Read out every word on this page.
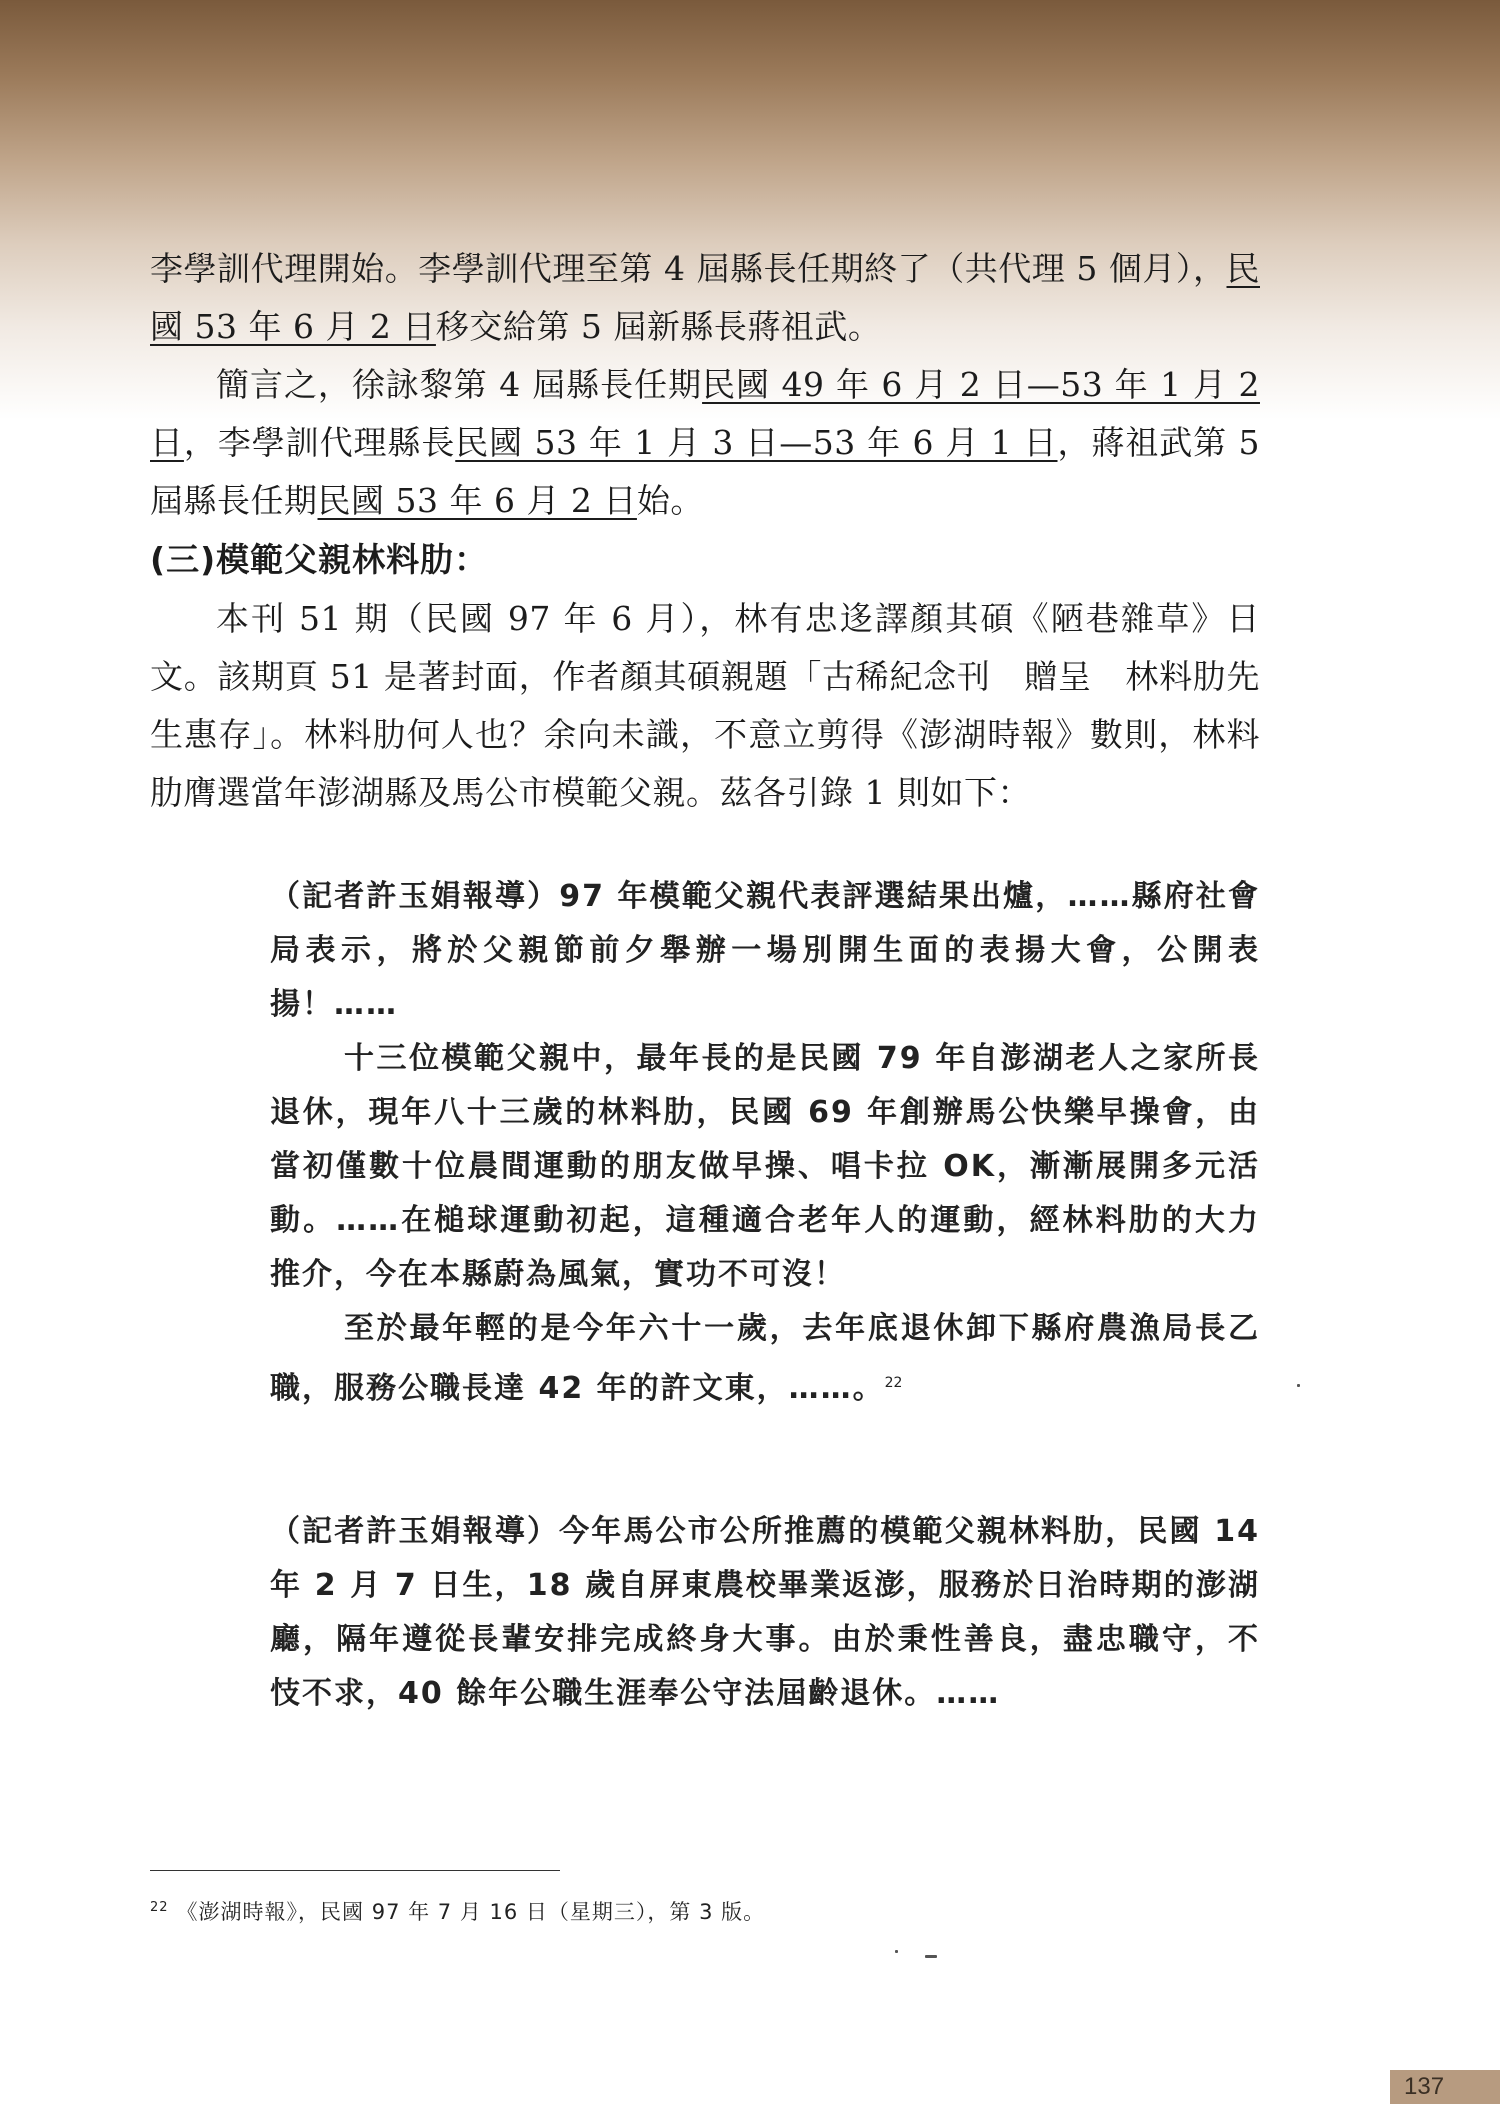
李學訓代理開始。李學訓代理至第 4 屆縣長任期終了（共代理 5 個月），民國 53 年 6 月 2 日移交給第 5 屆新縣長蔣祖武。

簡言之，徐詠黎第 4 屆縣長任期民國 49 年 6 月 2 日—53 年 1 月 2 日，李學訓代理縣長民國 53 年 1 月 3 日—53 年 6 月 1 日，蔣祖武第 5 屆縣長任期民國 53 年 6 月 2 日始。

(三)模範父親林料肋：

本刊 51 期（民國 97 年 6 月），林有忠迻譯顏其碩《陋巷雜草》日文。該期頁 51 是著封面，作者顏其碩親題「古稀紀念刊　贈呈　林料肋先生惠存」。林料肋何人也？余向未識，不意立剪得《澎湖時報》數則，林料肋膺選當年澎湖縣及馬公市模範父親。茲各引錄 1 則如下：

（記者許玉娟報導）97 年模範父親代表評選結果出爐，……縣府社會局表示，將於父親節前夕舉辦一場別開生面的表揚大會，公開表揚！……

十三位模範父親中，最年長的是民國 79 年自澎湖老人之家所長退休，現年八十三歲的林料肋，民國 69 年創辦馬公快樂早操會，由當初僅數十位晨間運動的朋友做早操、唱卡拉 OK，漸漸展開多元活動。……在槌球運動初起，這種適合老年人的運動，經林料肋的大力推介，今在本縣蔚為風氣，實功不可沒！

至於最年輕的是今年六十一歲，去年底退休卸下縣府農漁局長乙職，服務公職長達 42 年的許文東，……。$^{22}$

（記者許玉娟報導）今年馬公市公所推薦的模範父親林料肋，民國 14 年 2 月 7 日生，18 歲自屏東農校畢業返澎，服務於日治時期的澎湖廳，隔年遵從長輩安排完成終身大事。由於秉性善良，盡忠職守，不忮不求，40 餘年公職生涯奉公守法屆齡退休。……

$^{22}$ 《澎湖時報》，民國 97 年 7 月 16 日（星期三），第 3 版。
137
